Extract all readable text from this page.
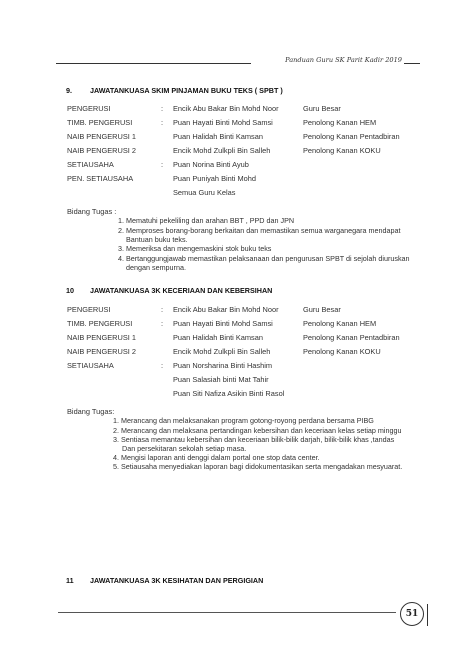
Panduan Guru SK Parit Kadir 2019
9.	JAWATANKUASA SKIM PINJAMAN BUKU TEKS ( SPBT )
PENGERUSI	: Encik Abu Bakar Bin Mohd Noor	Guru Besar
TIMB. PENGERUSI	: Puan Hayati Binti Mohd Samsi	Penolong Kanan HEM
NAIB PENGERUSI 1	Puan Halidah Binti Kamsan	Penolong Kanan Pentadbiran
NAIB PENGERUSI 2	Encik Mohd Zulkpli Bin Salleh	Penolong Kanan KOKU
SETIAUSAHA	: Puan Norina Binti Ayub
PEN. SETIAUSAHA	Puan Puniyah Binti Mohd
Semua Guru Kelas
Bidang Tugas :
1. Mematuhi pekeliling dan arahan BBT , PPD dan JPN
2. Memproses borang-borang berkaitan dan memastikan semua warganegara mendapat
Bantuan buku teks.
3. Memeriksa dan mengemaskini stok buku teks
4. Bertanggungjawab memastikan pelaksanaan dan pengurusan SPBT di sejolah diuruskan
dengan sempurna.
10 JAWATANKUASA 3K KECERIAAN DAN KEBERSIHAN
PENGERUSI	: Encik Abu Bakar Bin Mohd Noor	Guru Besar
TIMB. PENGERUSI	: Puan Hayati Binti Mohd Samsi	Penolong Kanan HEM
NAIB PENGERUSI 1	Puan Halidah Binti Kamsan	Penolong Kanan Pentadbiran
NAIB PENGERUSI 2	Encik Mohd Zulkpli Bin Salleh	Penolong Kanan KOKU
SETIAUSAHA	: Puan Norsharina Binti Hashim
Puan Salasiah binti Mat Tahir
Puan Siti Nafiza Asikin Binti Rasol
Bidang Tugas:
1. Merancang dan melaksanakan program gotong-royong perdana bersama PIBG
2. Merancang dan melaksana pertandingan kebersihan dan keceriaan kelas setiap minggu
3. Sentiasa memantau kebersihan dan keceriaan bilik-bilik darjah, bilik-bilik khas ,tandas
Dan persekitaran sekolah setiap masa.
4. Mengisi laporan anti denggi dalam portal one stop data center.
5. Setiausaha menyediakan laporan bagi didokumentasikan serta mengadakan mesyuarat.
11 JAWATANKUASA 3K KESIHATAN DAN PERGIGIAN
51
